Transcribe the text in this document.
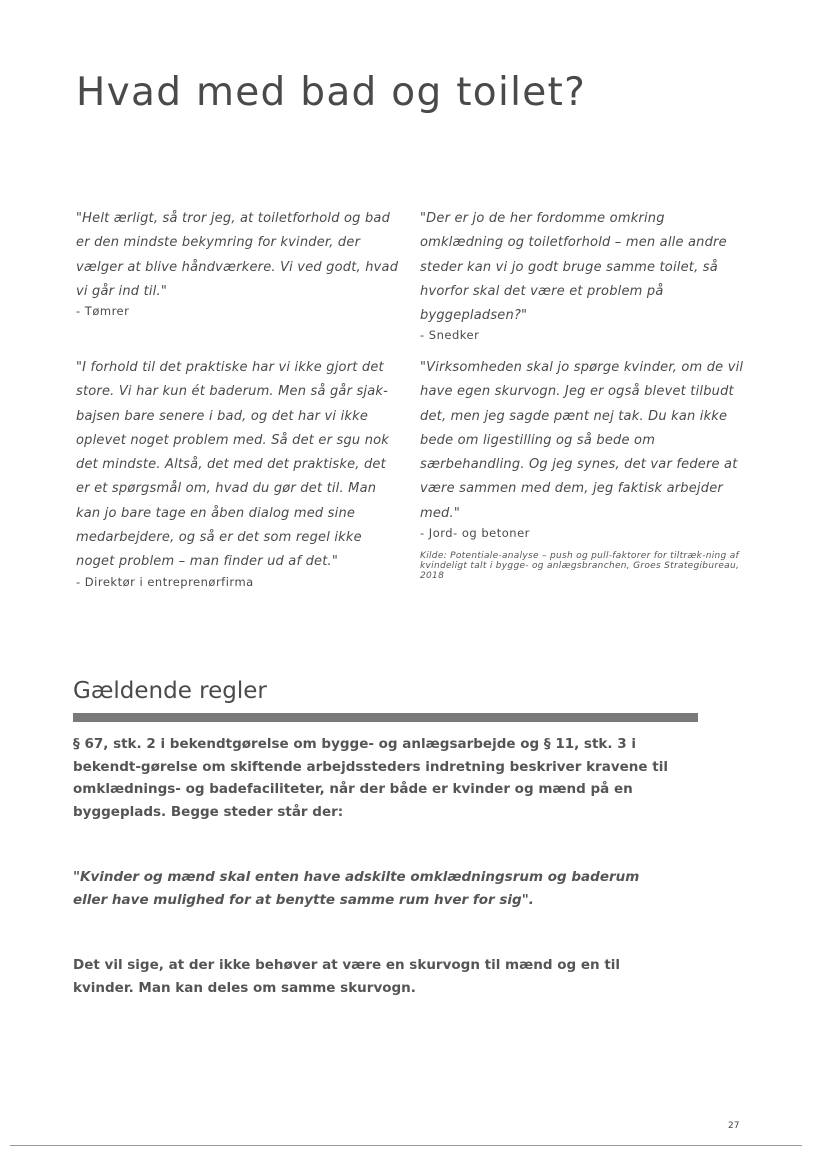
Hvad med bad og toilet?

"Helt ærligt, så tror jeg, at toiletforhold og bad er den mindste bekymring for kvinder, der vælger at blive håndværkere. Vi ved godt, hvad vi går ind til."

- Tømrer

"Der er jo de her fordomme omkring omklædning og toiletforhold – men alle andre steder kan vi jo godt bruge samme toilet, så hvorfor skal det være et problem på byggepladsen?"

- Snedker

"I forhold til det praktiske har vi ikke gjort det store. Vi har kun ét baderum. Men så går sjak-bajsen bare senere i bad, og det har vi ikke oplevet noget problem med. Så det er sgu nok det mindste. Altså, det med det praktiske, det er et spørgsmål om, hvad du gør det til. Man kan jo bare tage en åben dialog med sine medarbejdere, og så er det som regel ikke noget problem – man finder ud af det."

- Direktør i entreprenørfirma

"Virksomheden skal jo spørge kvinder, om de vil have egen skurvogn. Jeg er også blevet tilbudt det, men jeg sagde pænt nej tak. Du kan ikke bede om ligestilling og så bede om særbehandling. Og jeg synes, det var federe at være sammen med dem, jeg faktisk arbejder med."

- Jord- og betoner
Kilde: Potentiale-analyse – push og pull-faktorer for tiltræk-ning af kvindeligt talt i bygge- og anlægsbranchen, Groes Strategibureau, 2018
Gældende regler

§ 67, stk. 2 i bekendtgørelse om bygge- og anlægsarbejde og § 11, stk. 3 i bekendt-gørelse om skiftende arbejdssteders indretning beskriver kravene til omklædnings- og badefaciliteter, når der både er kvinder og mænd på en byggeplads. Begge steder står der:

"Kvinder og mænd skal enten have adskilte omklædningsrum og baderum eller have mulighed for at benytte samme rum hver for sig".

Det vil sige, at der ikke behøver at være en skurvogn til mænd og en til kvinder. Man kan deles om samme skurvogn.

27
